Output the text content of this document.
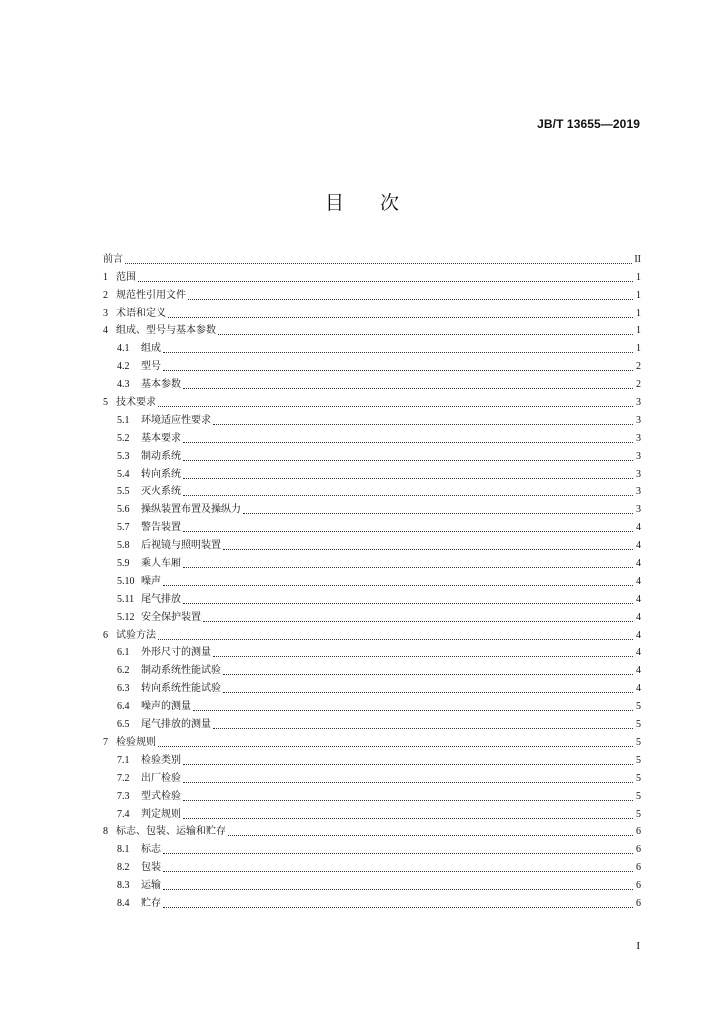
JB/T 13655—2019
目 次
前言	II
1 范围	1
2 规范性引用文件	1
3 术语和定义	1
4 组成、型号与基本参数	1
4.1	组成	1
4.2	型号	2
4.3	基本参数	2
5 技术要求	3
5.1	环境适应性要求	3
5.2	基本要求	3
5.3	制动系统	3
5.4	转向系统	3
5.5	灭火系统	3
5.6	操纵装置布置及操纵力	3
5.7	警告装置	4
5.8	后视镜与照明装置	4
5.9	乘人车厢	4
5.10 噪声	4
5.11 尾气排放	4
5.12 安全保护装置	4
6 试验方法	4
6.1	外形尺寸的测量	4
6.2	制动系统性能试验	4
6.3	转向系统性能试验	4
6.4	噪声的测量	5
6.5	尾气排放的测量	5
7 检验规则	5
7.1	检验类别	5
7.2	出厂检验	5
7.3	型式检验	5
7.4	判定规则	5
8 标志、包装、运输和贮存	6
8.1	标志	6
8.2	包装	6
8.3	运输	6
8.4	贮存	6
I
